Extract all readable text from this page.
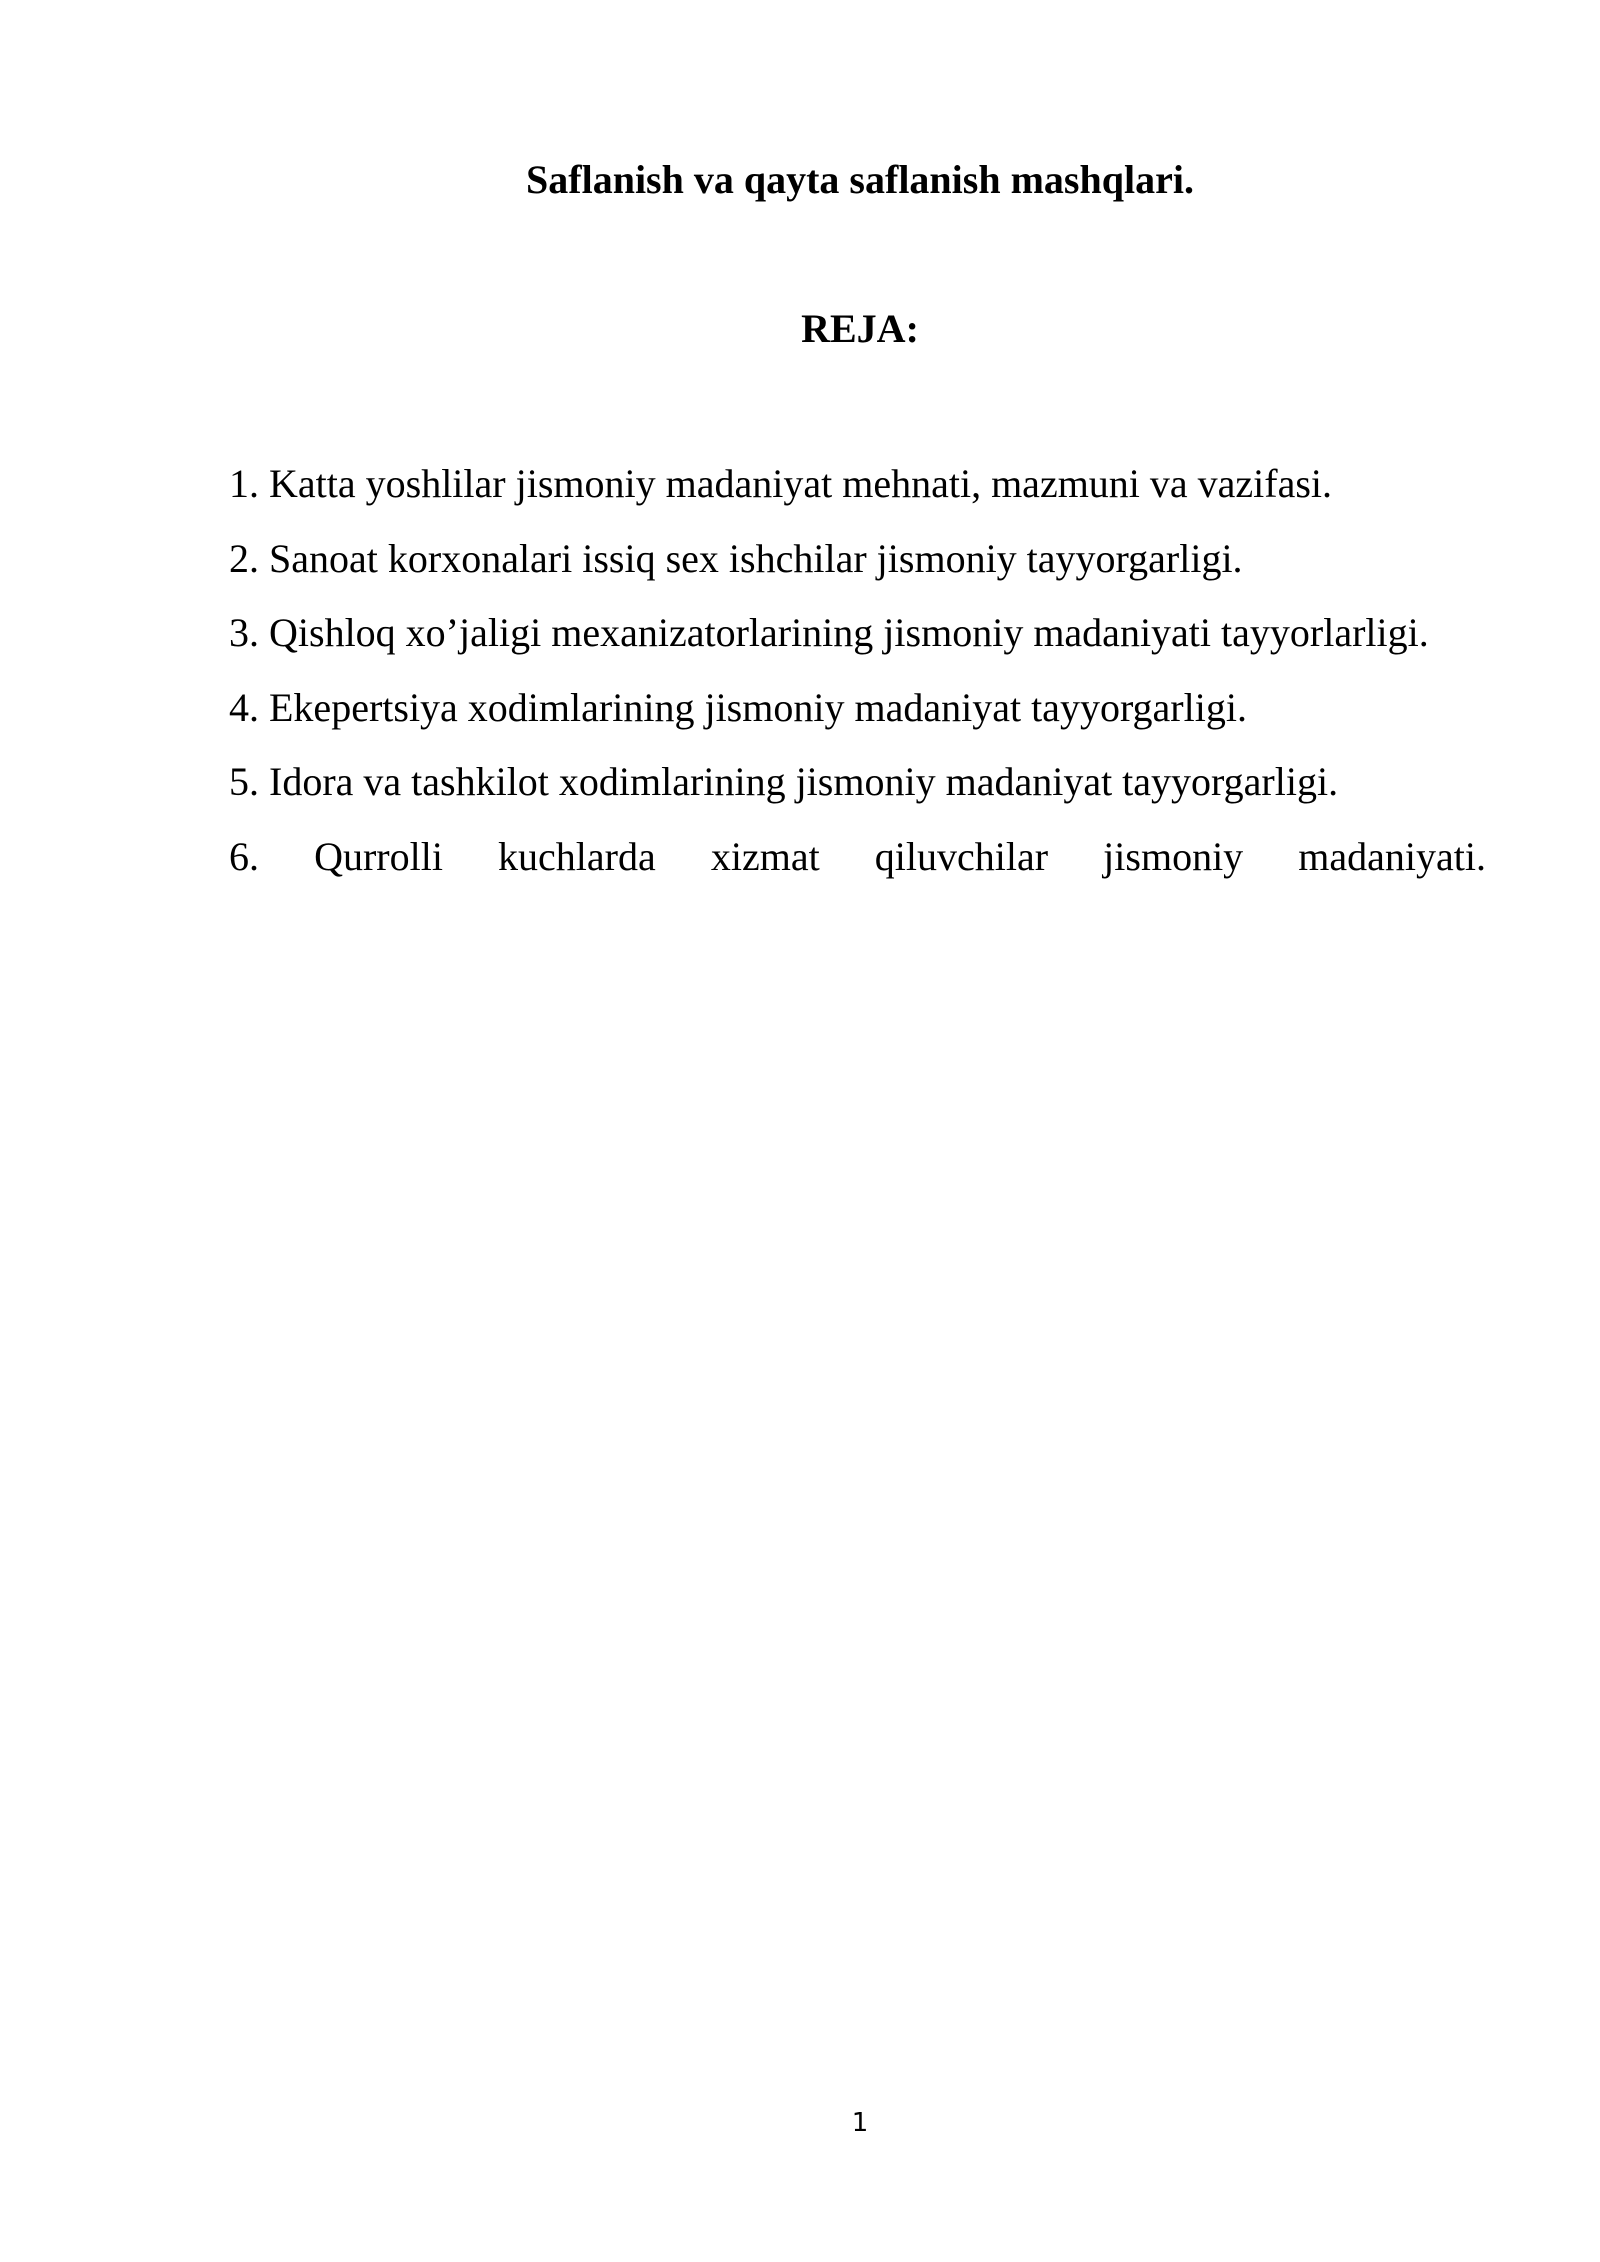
Saflanish va qayta saflanish mashqlari.
REJA:
1. Katta yoshlilar jismoniy madaniyat mehnati, mazmuni va vazifasi.
2. Sanoat korxonalari issiq sex ishchilar jismoniy tayyorgarligi.
3. Qishloq xo’jaligi mexanizatorlarining jismoniy madaniyati tayyorlarligi.
4. Ekepertsiya xodimlarining jismoniy madaniyat tayyorgarligi.
5. Idora va tashkilot xodimlarining jismoniy madaniyat tayyorgarligi.
6. Qurrolli kuchlarda xizmat qiluvchilar jismoniy madaniyati.
1
